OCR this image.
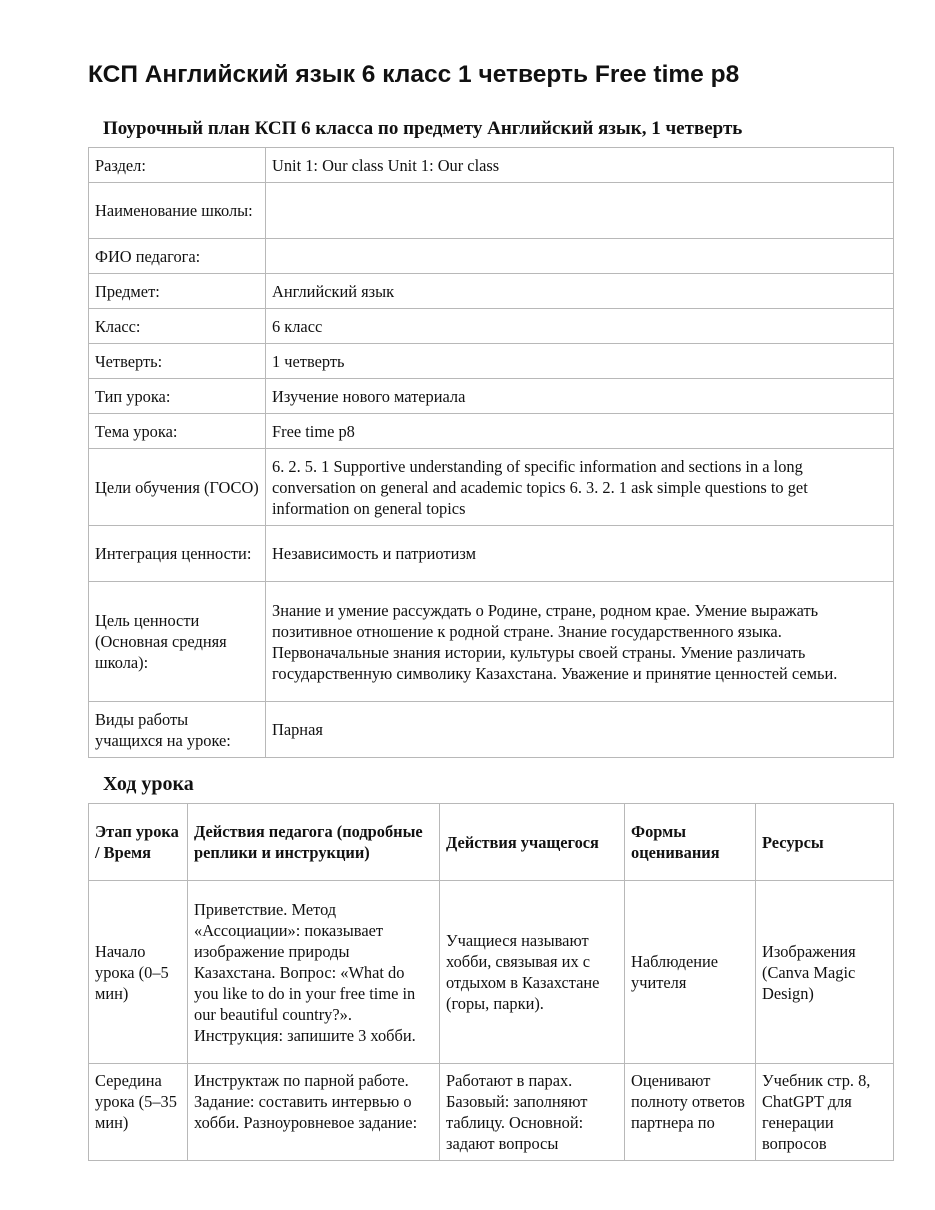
КСП Английский язык 6 класс 1 четверть Free time p8
Поурочный план КСП 6 класса по предмету Английский язык, 1 четверть
Раздел:	Unit 1: Our class Unit 1: Our class
Наименование школы:	
ФИО педагога:	
Предмет:	Английский язык
Класс:	6 класс
Четверть:	1 четверть
Тип урока:	Изучение нового материала
Тема урока:	Free time p8
Цели обучения (ГОСО)	6. 2. 5. 1 Supportive understanding of specific information and sections in a long conversation on general and academic topics 6. 3. 2. 1 ask simple questions to get information on general topics
Интеграция ценности:	Независимость и патриотизм
Цель ценности (Основная средняя школа):	Знание и умение рассуждать о Родине, стране, родном крае. Умение выражать позитивное отношение к родной стране. Знание государственного языка. Первоначальные знания истории, культуры своей страны. Умение различать государственную символику Казахстана. Уважение и принятие ценностей семьи.
Виды работы учащихся на уроке:	Парная
Ход урока
Этап урока / Время	Действия педагога (подробные реплики и инструкции)	Действия учащегося	Формы оценивания	Ресурсы
Начало урока (0–5 мин)	Приветствие. Метод «Ассоциации»: показывает изображение природы Казахстана. Вопрос: «What do you like to do in your free time in our beautiful country?». Инструкция: запишите 3 хобби.	Учащиеся называют хобби, связывая их с отдыхом в Казахстане (горы, парки).	Наблюдение учителя	Изображения (Canva Magic Design)
Середина урока (5–35 мин)	Инструктаж по парной работе. Задание: составить интервью о хобби. Разноуровневое задание:	Работают в парах. Базовый: заполняют таблицу. Основной: задают вопросы	Оценивают полноту ответов партнера по	Учебник стр. 8, ChatGPT для генерации вопросов
